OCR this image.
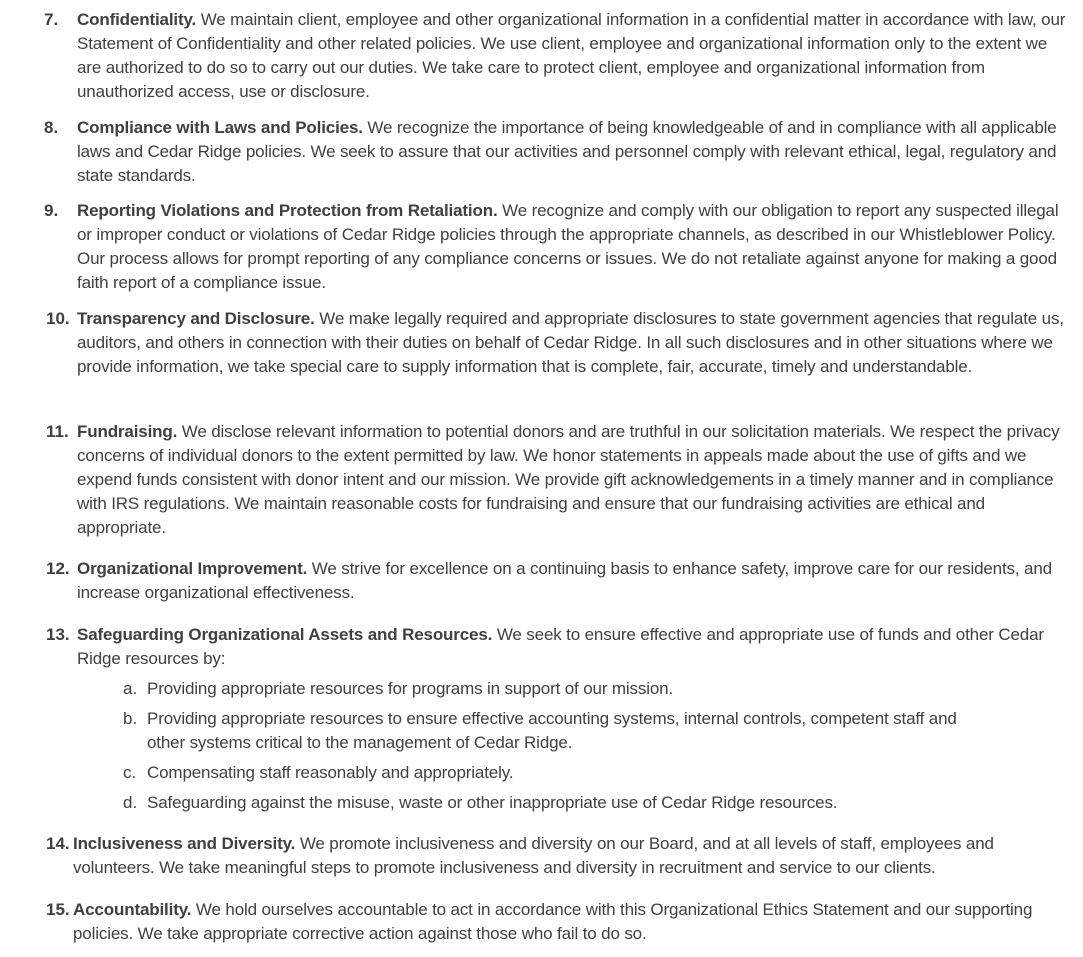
7. Confidentiality. We maintain client, employee and other organizational information in a confidential matter in accordance with law, our Statement of Confidentiality and other related policies. We use client, employee and organizational information only to the extent we are authorized to do so to carry out our duties. We take care to protect client, employee and organizational information from unauthorized access, use or disclosure.
8. Compliance with Laws and Policies. We recognize the importance of being knowledgeable of and in compliance with all applicable laws and Cedar Ridge policies. We seek to assure that our activities and personnel comply with relevant ethical, legal, regulatory and state standards.
9. Reporting Violations and Protection from Retaliation. We recognize and comply with our obligation to report any suspected illegal or improper conduct or violations of Cedar Ridge policies through the appropriate channels, as described in our Whistleblower Policy. Our process allows for prompt reporting of any compliance concerns or issues. We do not retaliate against anyone for making a good faith report of a compliance issue.
10. Transparency and Disclosure. We make legally required and appropriate disclosures to state government agencies that regulate us, auditors, and others in connection with their duties on behalf of Cedar Ridge. In all such disclosures and in other situations where we provide information, we take special care to supply information that is complete, fair, accurate, timely and understandable.
11. Fundraising. We disclose relevant information to potential donors and are truthful in our solicitation materials. We respect the privacy concerns of individual donors to the extent permitted by law. We honor statements in appeals made about the use of gifts and we expend funds consistent with donor intent and our mission. We provide gift acknowledgements in a timely manner and in compliance with IRS regulations. We maintain reasonable costs for fundraising and ensure that our fundraising activities are ethical and appropriate.
12. Organizational Improvement. We strive for excellence on a continuing basis to enhance safety, improve care for our residents, and increase organizational effectiveness.
13. Safeguarding Organizational Assets and Resources. We seek to ensure effective and appropriate use of funds and other Cedar Ridge resources by:
a. Providing appropriate resources for programs in support of our mission.
b. Providing appropriate resources to ensure effective accounting systems, internal controls, competent staff and other systems critical to the management of Cedar Ridge.
c. Compensating staff reasonably and appropriately.
d. Safeguarding against the misuse, waste or other inappropriate use of Cedar Ridge resources.
14. Inclusiveness and Diversity. We promote inclusiveness and diversity on our Board, and at all levels of staff, employees and volunteers. We take meaningful steps to promote inclusiveness and diversity in recruitment and service to our clients.
15. Accountability. We hold ourselves accountable to act in accordance with this Organizational Ethics Statement and our supporting policies. We take appropriate corrective action against those who fail to do so.
